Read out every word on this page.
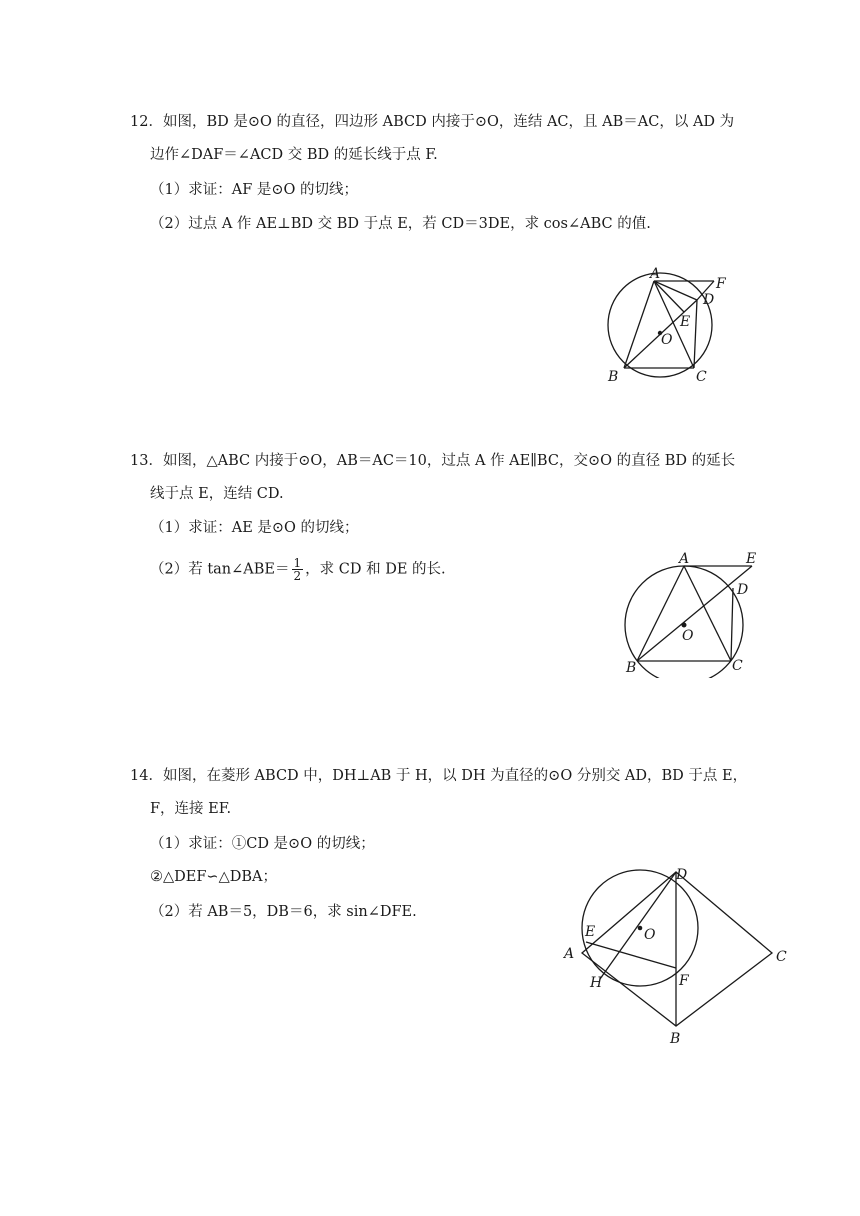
12．如图，BD 是⊙O 的直径，四边形 ABCD 内接于⊙O，连结 AC，且 AB＝AC，以 AD 为
边作∠DAF＝∠ACD 交 BD 的延长线于点 F.
（1）求证：AF 是⊙O 的切线；
（2）过点 A 作 AE⊥BD 交 BD 于点 E，若 CD＝3DE，求 cos∠ABC 的值.
A
F
D
E
O
B	C
13．如图，△ABC 内接于⊙O，AB＝AC＝10，过点 A 作 AE∥BC，交⊙O 的直径 BD 的延长
线于点 E，连结 CD.
（1）求证：AE 是⊙O 的切线；
（2）若 tan∠ABE＝ $\frac{1}{2}$ ，求 CD 和 DE 的长.
A	E
D
O
B	C
14．如图，在菱形 ABCD 中，DH⊥AB 于 H，以 DH 为直径的⊙O 分别交 AD，BD 于点 E，
F，连接 EF.
（1）求证：①CD 是⊙O 的切线；
②△DEF∽△DBA；
（2）若 AB＝5，DB＝6，求 sin∠DFE.
D
E	O
A	C
F
H
B
